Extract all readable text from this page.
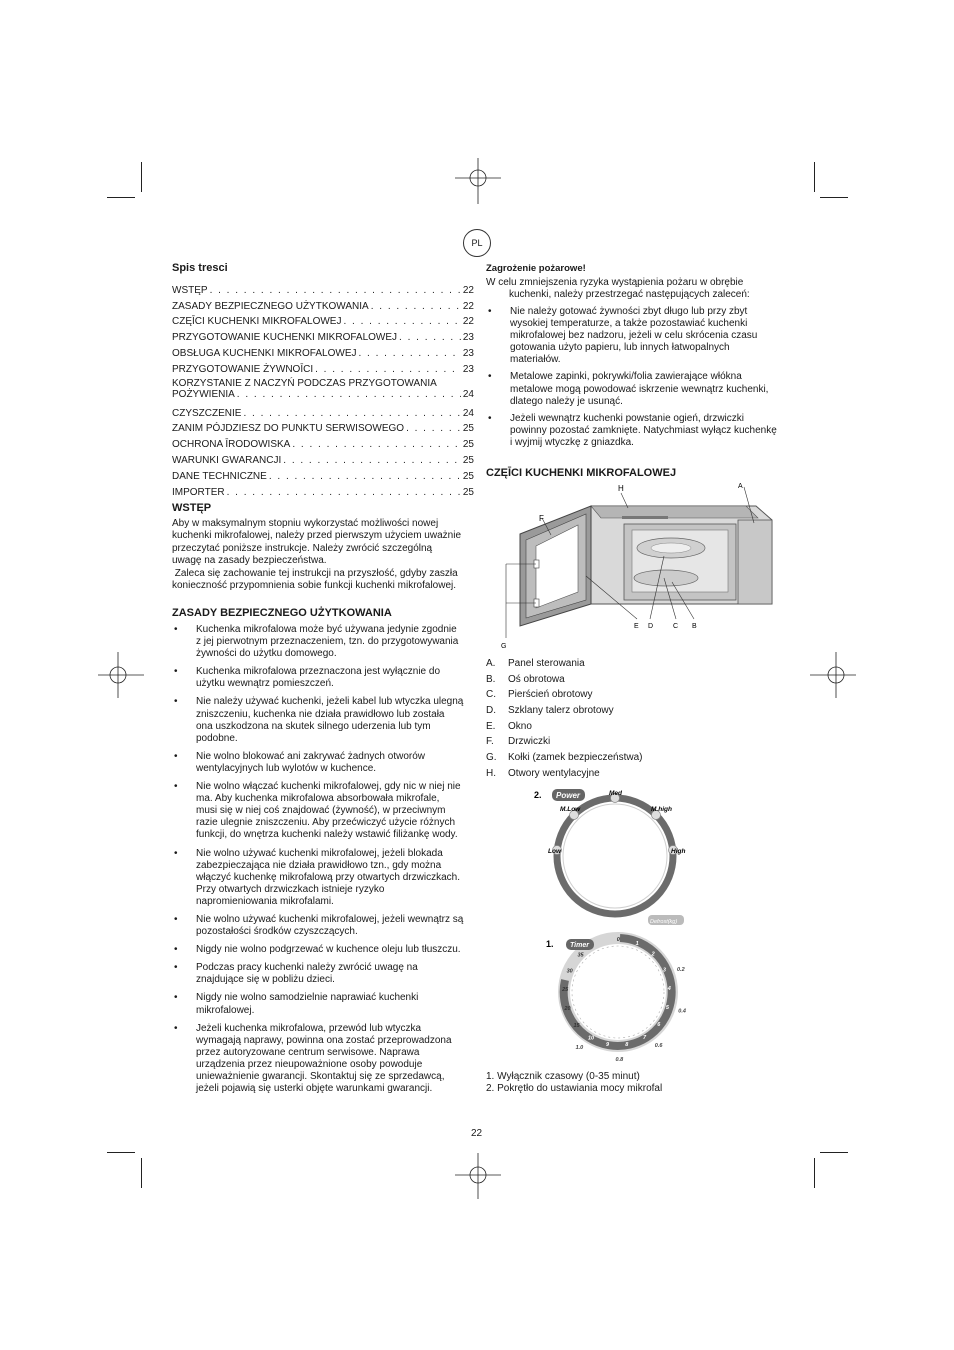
PL
Spis tresci
WSTĘP . . .	22
ZASADY BEZPIECZNEGO UŻYTKOWANIA . . .	22
CZĘĪCI KUCHENKI MIKROFALOWEJ . . .	22
PRZYGOTOWANIE KUCHENKI MIKROFALOWEJ . . .	23
OBSŁUGA KUCHENKI MIKROFALOWEJ . . .	23
PRZYGOTOWANIE ŻYWNOĪCI . . .	23
KORZYSTANIE Z NACZYŃ PODCZAS PRZYGOTOWANIA
POŻYWIENIA . . .	24
CZYSZCZENIE . . .	24
ZANIM PÓJDZIESZ DO PUNKTU SERWISOWEGO . . .	25
OCHRONA ĪRODOWISKA . . .	25
WARUNKI GWARANCJI . . .	25
DANE TECHNICZNE . . .	25
IMPORTER . . .	25
WSTĘP
Aby w maksymalnym stopniu wykorzystać możliwości nowej
kuchenki mikrofalowej, należy przed pierwszym użyciem uważnie
przeczytać poniższe instrukcje. Należy zwrócić szczególną
uwagę na zasady bezpieczeństwa.
Zaleca się zachowanie tej instrukcji na przyszłość, gdyby zaszła
konieczność przypomnienia sobie funkcji kuchenki mikrofalowej.
ZASADY BEZPIECZNEGO UŻYTKOWANIA
• Kuchenka mikrofalowa może być używana jedynie zgodnie
z jej pierwotnym przeznaczeniem, tzn. do przygotowywania
żywności do użytku domowego.
• Kuchenka mikrofalowa przeznaczona jest wyłącznie do
użytku wewnątrz pomieszczeń.
• Nie należy używać kuchenki, jeżeli kabel lub wtyczka ulegną
zniszczeniu, kuchenka nie działa prawidłowo lub została
ona uszkodzona na skutek silnego uderzenia lub tym
podobne.
• Nie wolno blokować ani zakrywać żadnych otworów
wentylacyjnych lub wylotów w kuchence.
• Nie wolno włączać kuchenki mikrofalowej, gdy nic w niej nie
ma. Aby kuchenka mikrofalowa absorbowała mikrofale,
musi się w niej coś znajdować (żywność), w przeciwnym
razie ulegnie zniszczeniu. Aby przećwiczyć użycie różnych
funkcji, do wnętrza kuchenki należy wstawić filiżankę wody.
• Nie wolno używać kuchenki mikrofalowej, jeżeli blokada
zabezpieczająca nie działa prawidłowo tzn., gdy można
włączyć kuchenkę mikrofalową przy otwartych drzwiczkach.
Przy otwartych drzwiczkach istnieje ryzyko
napromieniowania mikrofalami.
• Nie wolno używać kuchenki mikrofalowej, jeżeli wewnątrz są
pozostałości środków czyszczących.
• Nigdy nie wolno podgrzewać w kuchence oleju lub tłuszczu.
• Podczas pracy kuchenki należy zwrócić uwagę na
znajdujące się w pobliżu dzieci.
• Nigdy nie wolno samodzielnie naprawiać kuchenki
mikrofalowej.
• Jeżeli kuchenka mikrofalowa, przewód lub wtyczka
wymagają naprawy, powinna ona zostać przeprowadzona
przez autoryzowane centrum serwisowe. Naprawa
urządzenia przez nieupoważnione osoby powoduje
unieważnienie gwarancji. Skontaktuj się ze sprzedawcą,
jeżeli pojawią się usterki objęte warunkami gwarancji.
Zagrożenie pożarowe!
W celu zmniejszenia ryzyka wystąpienia pożaru w obrębie
kuchenki, należy przestrzegać następujących zaleceń:
• Nie należy gotować żywności zbyt długo lub przy zbyt
wysokiej temperaturze, a także pozostawiać kuchenki
mikrofalowej bez nadzoru, jeżeli w celu skrócenia czasu
gotowania użyto papieru, lub innych łatwopalnych
materiałów.
• Metalowe zapinki, pokrywki/folia zawierające włókna
metalowe mogą powodować iskrzenie wewnątrz kuchenki,
dlatego należy je usunąć.
• Jeżeli wewnątrz kuchenki powstanie ogień, drzwiczki
powinny pozostać zamknięte. Natychmiast wyłącz kuchenkę
i wyjmij wtyczkę z gniazdka.
CZĘĪCI KUCHENKI MIKROFALOWEJ
H	A
F
E D	C B
G
A.	Panel sterowania
B.	Oś obrotowa
C.	Pierścień obrotowy
D.	Szklany talerz obrotowy
E.	Okno
F.	Drzwiczki
G.	Kołki (zamek bezpieczeństwa)
H.	Otwory wentylacyjne
2. Power	Med
M.Low	M.high
Low	High
0
1
2
3
4
5
6
7
8
9
10
15
20
25
30
35
0.2
0.4
0.6
0.8
1.0
1. Timer
Defrost(kg)
1. Wyłącznik czasowy (0-35 minut)
2. Pokrętło do ustawiania mocy mikrofal
22
